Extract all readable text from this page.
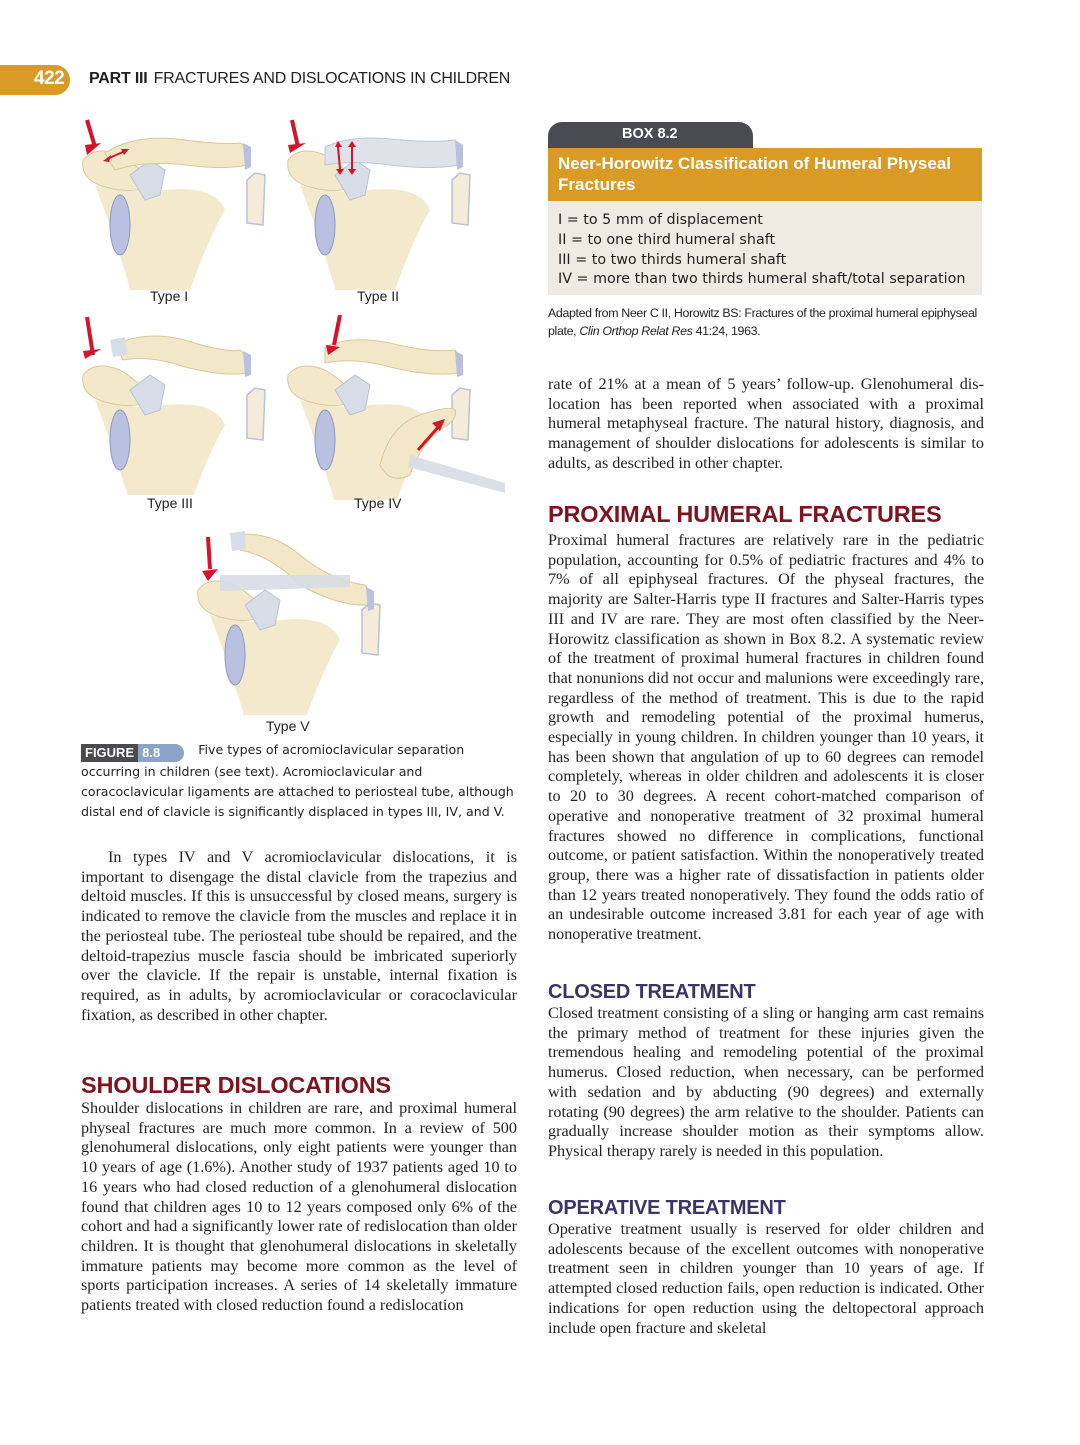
422 PART III FRACTURES AND DISLOCATIONS IN CHILDREN
Type I	Type II
Type III	Type IV
Type V
FIGURE 8.8	Five types of acromioclavicular separation occurring in children (see text). Acromioclavicular and coracoclavicular ligaments are attached to periosteal tube, although distal end of clavicle is significantly displaced in types III, IV, and V.

In types IV and V acromioclavicular dislocations, it is important to disengage the distal clavicle from the trapezius and deltoid muscles. If this is unsuccessful by closed means, surgery is indicated to remove the clavicle from the muscles and replace it in the periosteal tube. The periosteal tube should be repaired, and the deltoid-trapezius muscle fascia should be imbricated superiorly over the clavicle. If the repair is unstable, internal fixation is required, as in adults, by acromioclavicular or coracoclavicular fixation, as described in other chapter.

SHOULDER DISLOCATIONS

Shoulder dislocations in children are rare, and proximal humeral physeal fractures are much more common. In a review of 500 glenohumeral dislocations, only eight patients were younger than 10 years of age (1.6%). Another study of 1937 patients aged 10 to 16 years who had closed reduction of a glenohumeral dislocation found that children ages 10 to 12 years composed only 6% of the cohort and had a significantly lower rate of redislocation than older children. It is thought that glenohumeral dislocations in skeletally immature patients may become more common as the level of sports participation increases. A series of 14 skeletally immature patients treated with closed reduction found a redislocation

BOX 8.2
Neer-Horowitz Classification of Humeral Physeal Fractures
I = to 5 mm of displacement
II = to one third humeral shaft
III = to two thirds humeral shaft
IV = more than two thirds humeral shaft/total separation
Adapted from Neer C II, Horowitz BS: Fractures of the proximal humeral epiphyseal plate, Clin Orthop Relat Res 41:24, 1963.

rate of 21% at a mean of 5 years’ follow-up. Glenohumeral dislocation has been reported when associated with a proximal humeral metaphyseal fracture. The natural history, diagnosis, and management of shoulder dislocations for adolescents is similar to adults, as described in other chapter.

PROXIMAL HUMERAL FRACTURES

Proximal humeral fractures are relatively rare in the pediatric population, accounting for 0.5% of pediatric fractures and 4% to 7% of all epiphyseal fractures. Of the physeal fractures, the majority are Salter-Harris type II fractures and Salter-Harris types III and IV are rare. They are most often classified by the Neer-Horowitz classification as shown in Box 8.2. A systematic review of the treatment of proximal humeral fractures in children found that nonunions did not occur and malunions were exceedingly rare, regardless of the method of treatment. This is due to the rapid growth and remodeling potential of the proximal humerus, especially in young children. In children younger than 10 years, it has been shown that angulation of up to 60 degrees can remodel completely, whereas in older children and adolescents it is closer to 20 to 30 degrees. A recent cohort-matched comparison of operative and nonoperative treatment of 32 proximal humeral fractures showed no difference in complications, functional outcome, or patient satisfaction. Within the nonoperatively treated group, there was a higher rate of dissatisfaction in patients older than 12 years treated nonoperatively. They found the odds ratio of an undesirable outcome increased 3.81 for each year of age with nonoperative treatment.

CLOSED TREATMENT

Closed treatment consisting of a sling or hanging arm cast remains the primary method of treatment for these injuries given the tremendous healing and remodeling potential of the proximal humerus. Closed reduction, when necessary, can be performed with sedation and by abducting (90 degrees) and externally rotating (90 degrees) the arm relative to the shoulder. Patients can gradually increase shoulder motion as their symptoms allow. Physical therapy rarely is needed in this population.

OPERATIVE TREATMENT

Operative treatment usually is reserved for older children and adolescents because of the excellent outcomes with nonoperative treatment seen in children younger than 10 years of age. If attempted closed reduction fails, open reduction is indicated. Other indications for open reduction using the deltopectoral approach include open fracture and skeletal
